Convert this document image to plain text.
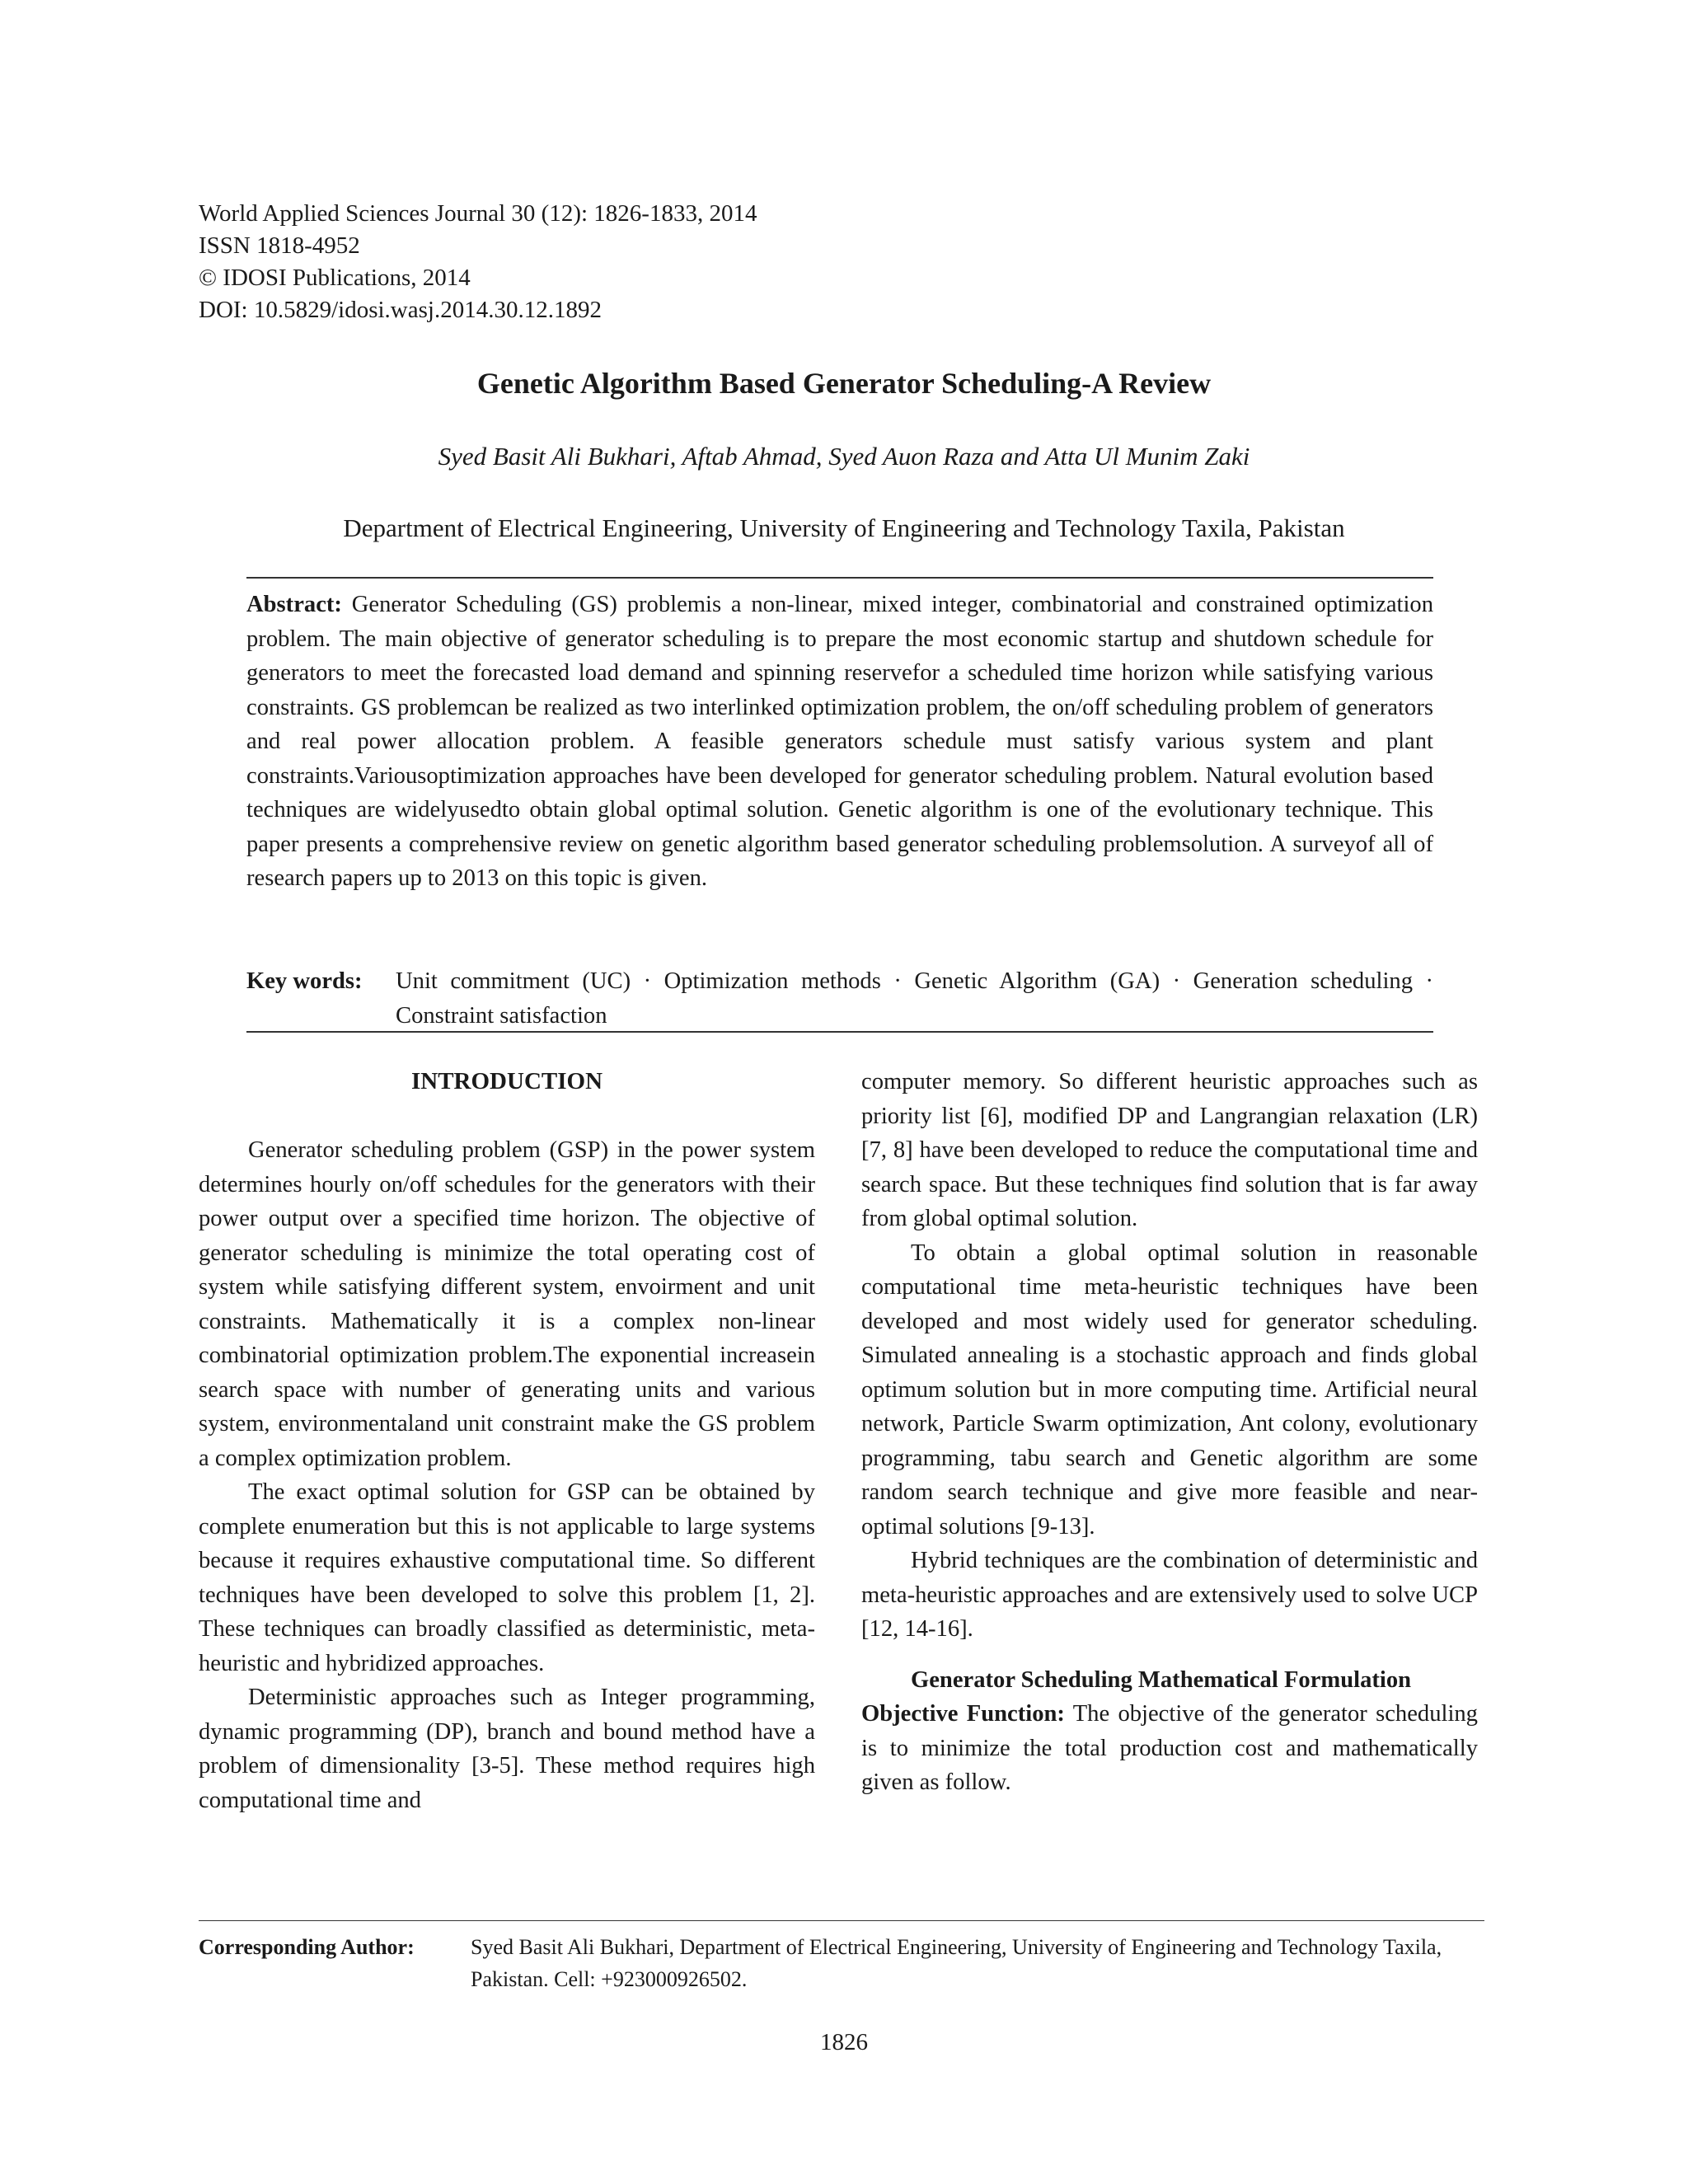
World Applied Sciences Journal 30 (12): 1826-1833, 2014
ISSN 1818-4952
© IDOSI Publications, 2014
DOI: 10.5829/idosi.wasj.2014.30.12.1892
Genetic Algorithm Based Generator Scheduling-A Review
Syed Basit Ali Bukhari, Aftab Ahmad, Syed Auon Raza and Atta Ul Munim Zaki
Department of Electrical Engineering, University of Engineering and Technology Taxila, Pakistan
Abstract: Generator Scheduling (GS) problemis a non-linear, mixed integer, combinatorial and constrained optimization problem. The main objective of generator scheduling is to prepare the most economic startup and shutdown schedule for generators to meet the forecasted load demand and spinning reservefor a scheduled time horizon while satisfying various constraints. GS problemcan be realized as two interlinked optimization problem, the on/off scheduling problem of generators and real power allocation problem. A feasible generators schedule must satisfy various system and plant constraints.Variousoptimization approaches have been developed for generator scheduling problem. Natural evolution based techniques are widelyusedto obtain global optimal solution. Genetic algorithm is one of the evolutionary technique. This paper presents a comprehensive review on genetic algorithm based generator scheduling problemsolution. A surveyof all of research papers up to 2013 on this topic is given.
Key words: Unit commitment (UC) · Optimization methods · Genetic Algorithm (GA) · Generation scheduling · Constraint satisfaction
INTRODUCTION

Generator scheduling problem (GSP) in the power system determines hourly on/off schedules for the generators with their power output over a specified time horizon. The objective of generator scheduling is minimize the total operating cost of system while satisfying different system, envoirment and unit constraints. Mathematically it is a complex non-linear combinatorial optimization problem.The exponential increasein search space with number of generating units and various system, environmentaland unit constraint make the GS problem a complex optimization problem.

The exact optimal solution for GSP can be obtained by complete enumeration but this is not applicable to large systems because it requires exhaustive computational time. So different techniques have been developed to solve this problem [1, 2]. These techniques can broadly classified as deterministic, meta-heuristic and hybridized approaches.

Deterministic approaches such as Integer programming, dynamic programming (DP), branch and bound method have a problem of dimensionality [3-5]. These method requires high computational time and

computer memory. So different heuristic approaches such as priority list [6], modified DP and Langrangian relaxation (LR) [7, 8] have been developed to reduce the computational time and search space. But these techniques find solution that is far away from global optimal solution.

To obtain a global optimal solution in reasonable computational time meta-heuristic techniques have been developed and most widely used for generator scheduling. Simulated annealing is a stochastic approach and finds global optimum solution but in more computing time. Artificial neural network, Particle Swarm optimization, Ant colony, evolutionary programming, tabu search and Genetic algorithm are some random search technique and give more feasible and near-optimal solutions [9-13].

Hybrid techniques are the combination of deterministic and meta-heuristic approaches and are extensively used to solve UCP [12, 14-16].

Generator Scheduling Mathematical Formulation

Objective Function: The objective of the generator scheduling is to minimize the total production cost and mathematically given as follow.

Corresponding Author:	Syed Basit Ali Bukhari, Department of Electrical Engineering, University of Engineering and Technology Taxila, Pakistan. Cell: +923000926502.
1826
